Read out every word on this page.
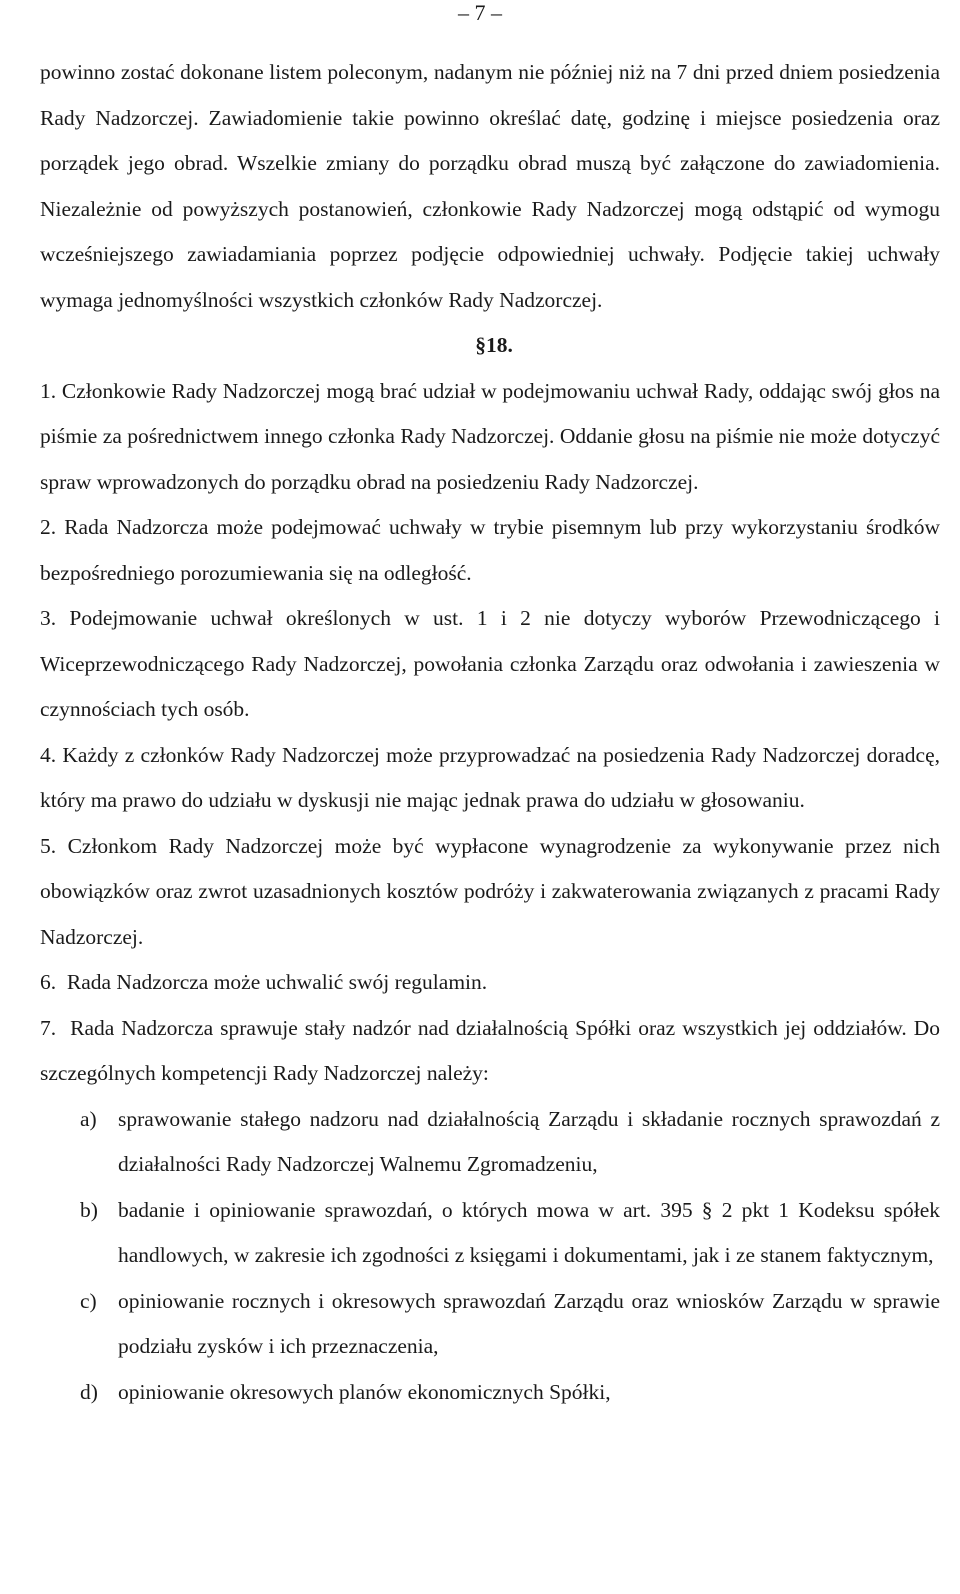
– 7 –

powinno zostać dokonane listem poleconym, nadanym nie później niż na 7 dni przed dniem posiedzenia Rady Nadzorczej. Zawiadomienie takie powinno określać datę, godzinę i miejsce posiedzenia oraz porządek jego obrad. Wszelkie zmiany do porządku obrad muszą być załączone do zawiadomienia. Niezależnie od powyższych postanowień, członkowie Rady Nadzorczej mogą odstąpić od wymogu wcześniejszego zawiadamiania poprzez podjęcie odpowiedniej uchwały. Podjęcie takiej uchwały wymaga jednomyślności wszystkich członków Rady Nadzorczej.

§18.

1. Członkowie Rady Nadzorczej mogą brać udział w podejmowaniu uchwał Rady, oddając swój głos na piśmie za pośrednictwem innego członka Rady Nadzorczej. Oddanie głosu na piśmie nie może dotyczyć spraw wprowadzonych do porządku obrad na posiedzeniu Rady Nadzorczej.

2. Rada Nadzorcza może podejmować uchwały w trybie pisemnym lub przy wykorzystaniu środków bezpośredniego porozumiewania się na odległość.

3. Podejmowanie uchwał określonych w ust. 1 i 2 nie dotyczy wyborów Przewodniczącego i Wiceprzewodniczącego Rady Nadzorczej, powołania członka Zarządu oraz odwołania i zawieszenia w czynnościach tych osób.

4. Każdy z członków Rady Nadzorczej może przyprowadzać na posiedzenia Rady Nadzorczej doradcę, który ma prawo do udziału w dyskusji nie mając jednak prawa do udziału w głosowaniu.

5. Członkom Rady Nadzorczej może być wypłacone wynagrodzenie za wykonywanie przez nich obowiązków oraz zwrot uzasadnionych kosztów podróży i zakwaterowania związanych z pracami Rady Nadzorczej.

6. Rada Nadzorcza może uchwalić swój regulamin.

7. Rada Nadzorcza sprawuje stały nadzór nad działalnością Spółki oraz wszystkich jej oddziałów. Do szczególnych kompetencji Rady Nadzorczej należy:

a) sprawowanie stałego nadzoru nad działalnością Zarządu i składanie rocznych sprawozdań z działalności Rady Nadzorczej Walnemu Zgromadzeniu,

b) badanie i opiniowanie sprawozdań, o których mowa w art. 395 § 2 pkt 1 Kodeksu spółek handlowych, w zakresie ich zgodności z księgami i dokumentami, jak i ze stanem faktycznym,

c) opiniowanie rocznych i okresowych sprawozdań Zarządu oraz wniosków Zarządu w sprawie podziału zysków i ich przeznaczenia,

d) opiniowanie okresowych planów ekonomicznych Spółki,
